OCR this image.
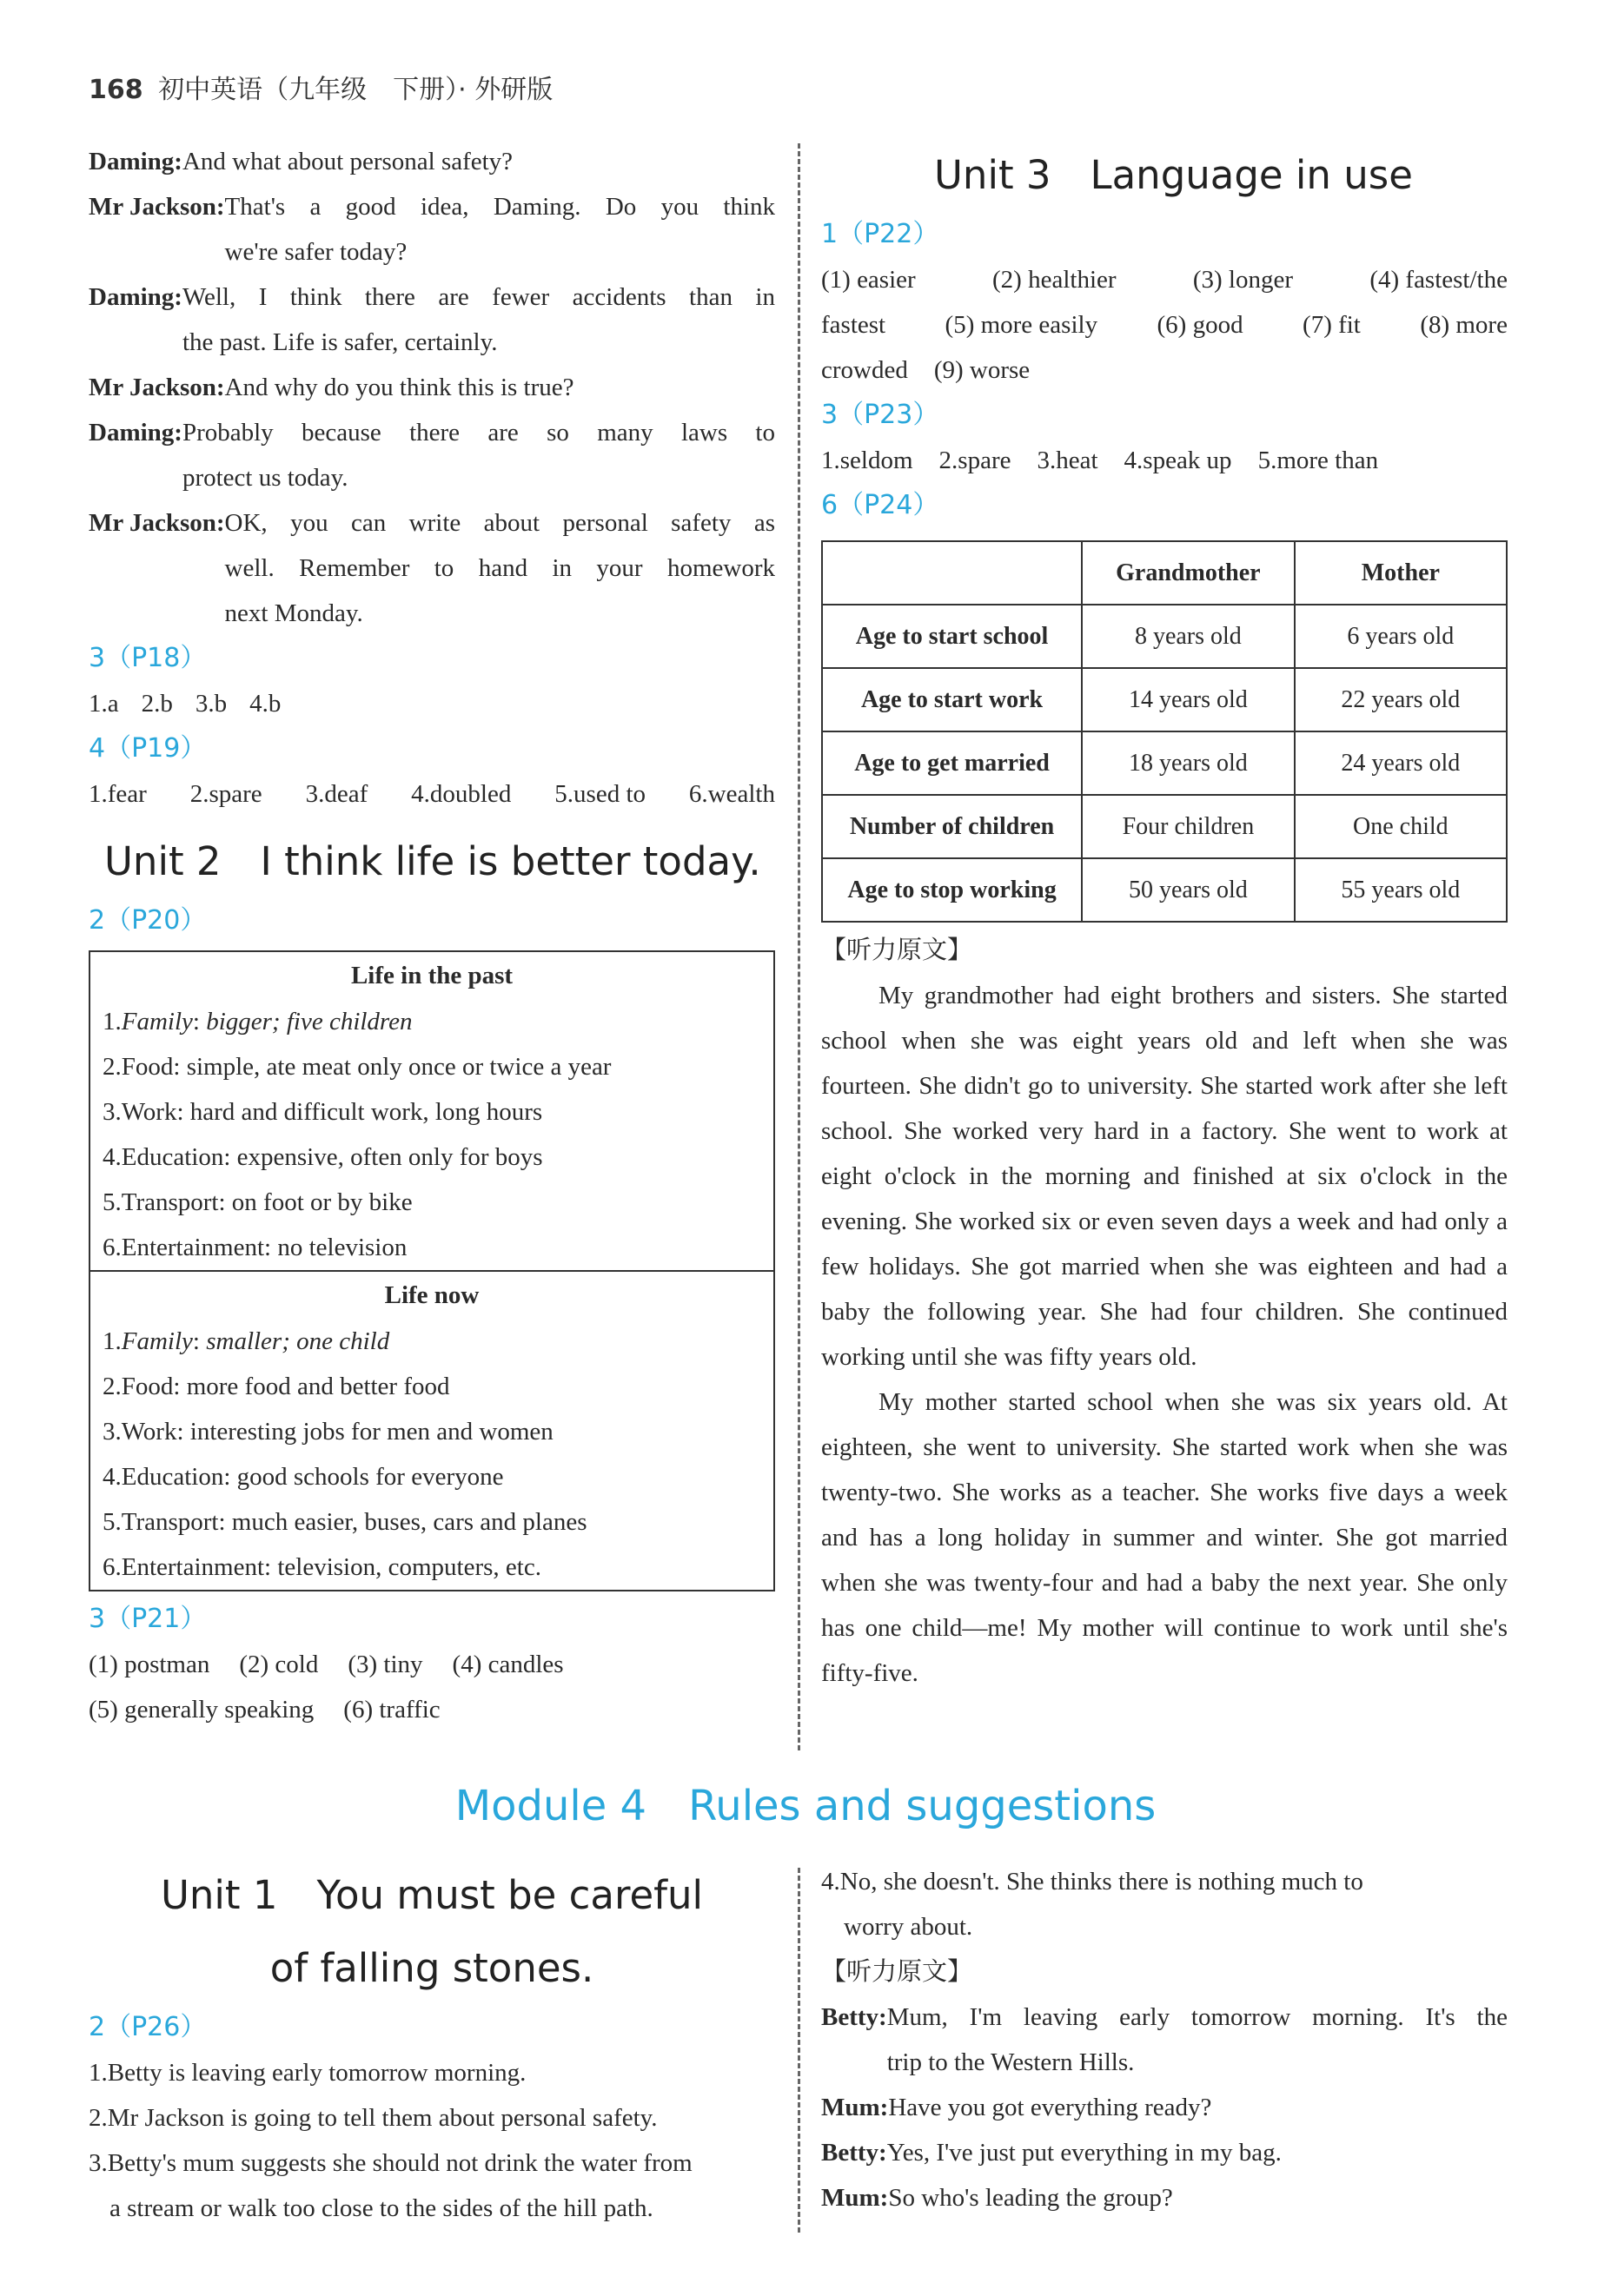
168 初中英语（九年级　下册）· 外研版
Daming: And what about personal safety?
Mr Jackson: That's a good idea, Daming. Do you think
we're safer today?
Daming: Well, I think there are fewer accidents than in
the past. Life is safer, certainly.
Mr Jackson: And why do you think this is true?
Daming: Probably because there are so many laws to
protect us today.
Mr Jackson: OK, you can write about personal safety as
well. Remember to hand in your homework
next Monday.
3（P18）
1.a 2.b 3.b 4.b
4（P19）
1.fear 2.spare 3.deaf 4.doubled 5.used to 6.wealth
Unit 2　I think life is better today.
2（P20）
Life in the past
1.Family: bigger; five children
2.Food: simple, ate meat only once or twice a year
3.Work: hard and difficult work, long hours
4.Education: expensive, often only for boys
5.Transport: on foot or by bike
6.Entertainment: no television
Life now
1.Family: smaller; one child
2.Food: more food and better food
3.Work: interesting jobs for men and women
4.Education: good schools for everyone
5.Transport: much easier, buses, cars and planes
6.Entertainment: television, computers, etc.
3（P21）
(1) postman (2) cold (3) tiny (4) candles
(5) generally speaking (6) traffic
Unit 3　Language in use
1（P22）
(1) easier	(2) healthier	(3) longer	(4) fastest/the
fastest (5) more easily (6) good (7) fit (8) more
crowded (9) worse
3（P23）
1.seldom 2.spare 3.heat 4.speak up 5.more than
6（P24）
	Grandmother	Mother
Age to start school	8 years old	6 years old
Age to start work	14 years old	22 years old
Age to get married	18 years old	24 years old
Number of children	Four children	One child
Age to stop working	50 years old	55 years old
【听力原文】
My grandmother had eight brothers and sisters. She started school when she was eight years old and left when she was fourteen. She didn't go to university. She started work after she left school. She worked very hard in a factory. She went to work at eight o'clock in the morning and finished at six o'clock in the evening. She worked six or even seven days a week and had only a few holidays. She got married when she was eighteen and had a baby the following year. She had four children. She continued working until she was fifty years old.
My mother started school when she was six years old. At eighteen, she went to university. She started work when she was twenty-two. She works as a teacher. She works five days a week and has a long holiday in summer and winter. She got married when she was twenty-four and had a baby the next year. She only has one child—me! My mother will continue to work until she's fifty-five.
Module 4　Rules and suggestions
Unit 1　You must be careful
of falling stones.
2（P26）
1.Betty is leaving early tomorrow morning.
2.Mr Jackson is going to tell them about personal safety.
3.Betty's mum suggests she should not drink the water from
a stream or walk too close to the sides of the hill path.
4.No, she doesn't. She thinks there is nothing much to
worry about.
【听力原文】
Betty: Mum, I'm leaving early tomorrow morning. It's the
trip to the Western Hills.
Mum: Have you got everything ready?
Betty: Yes, I've just put everything in my bag.
Mum: So who's leading the group?
